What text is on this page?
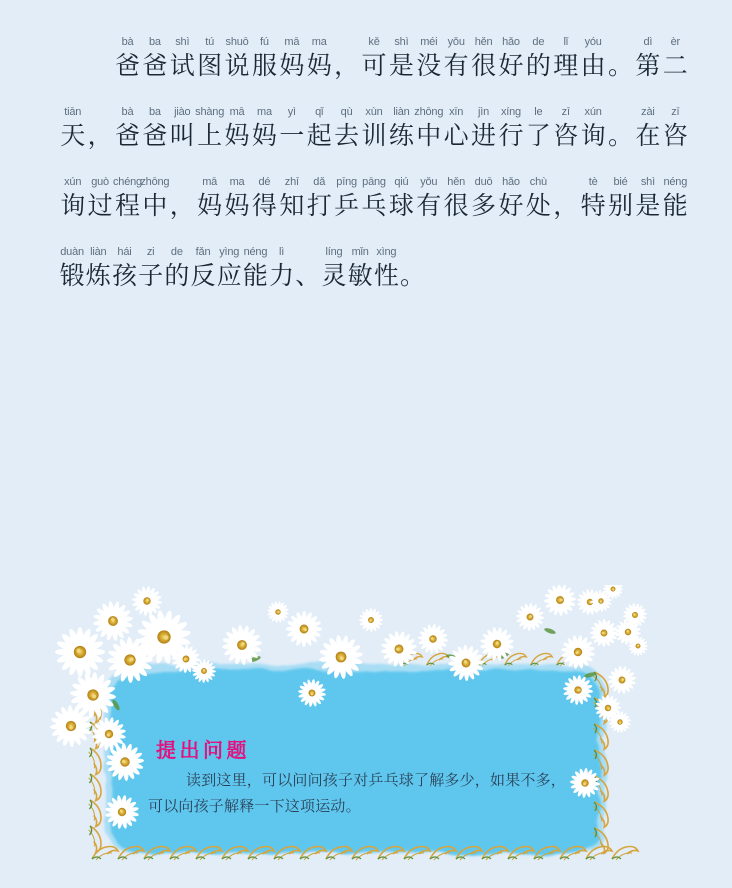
bà
爸
ba
爸
shì
试
tú
图
shuō
说
fú
服
mā
妈
ma
妈 ，
kě
可
shì
是
méi
没
yǒu
有
hěn
很
hǎo
好
de
的
lǐ
理
yóu
由 。
dì
第
èr
二
tiān
天 ，
bà
爸
ba
爸
jiào
叫
shàng
上
mā
妈
ma
妈
yì
一
qǐ
起
qù
去
xùn
训
liàn
练
zhōng
中
xīn
心
jìn
进
xíng
行
le
了
zī
咨
xún
询 。
zài
在
zī
咨
xún
询
guò
过
chéng
程
zhōng
中 ，
mā
妈
ma
妈
dé
得
zhī
知
dǎ
打
pīng
乒
pāng
乓
qiú
球
yǒu
有
hěn
很
duō
多
hǎo
好
chù
处 ，
tè
特
bié
别
shì
是
néng
能
duàn
锻
liàn
炼
hái
孩
zi
子
de
的
fǎn
反
yìng
应
néng
能
lì
力 、
líng
灵
mǐn
敏
xìng
性 。
提出问题
读到这里，可以问问孩子对乒乓球了解多少，如果不多，
可以向孩子解释一下这项运动。
